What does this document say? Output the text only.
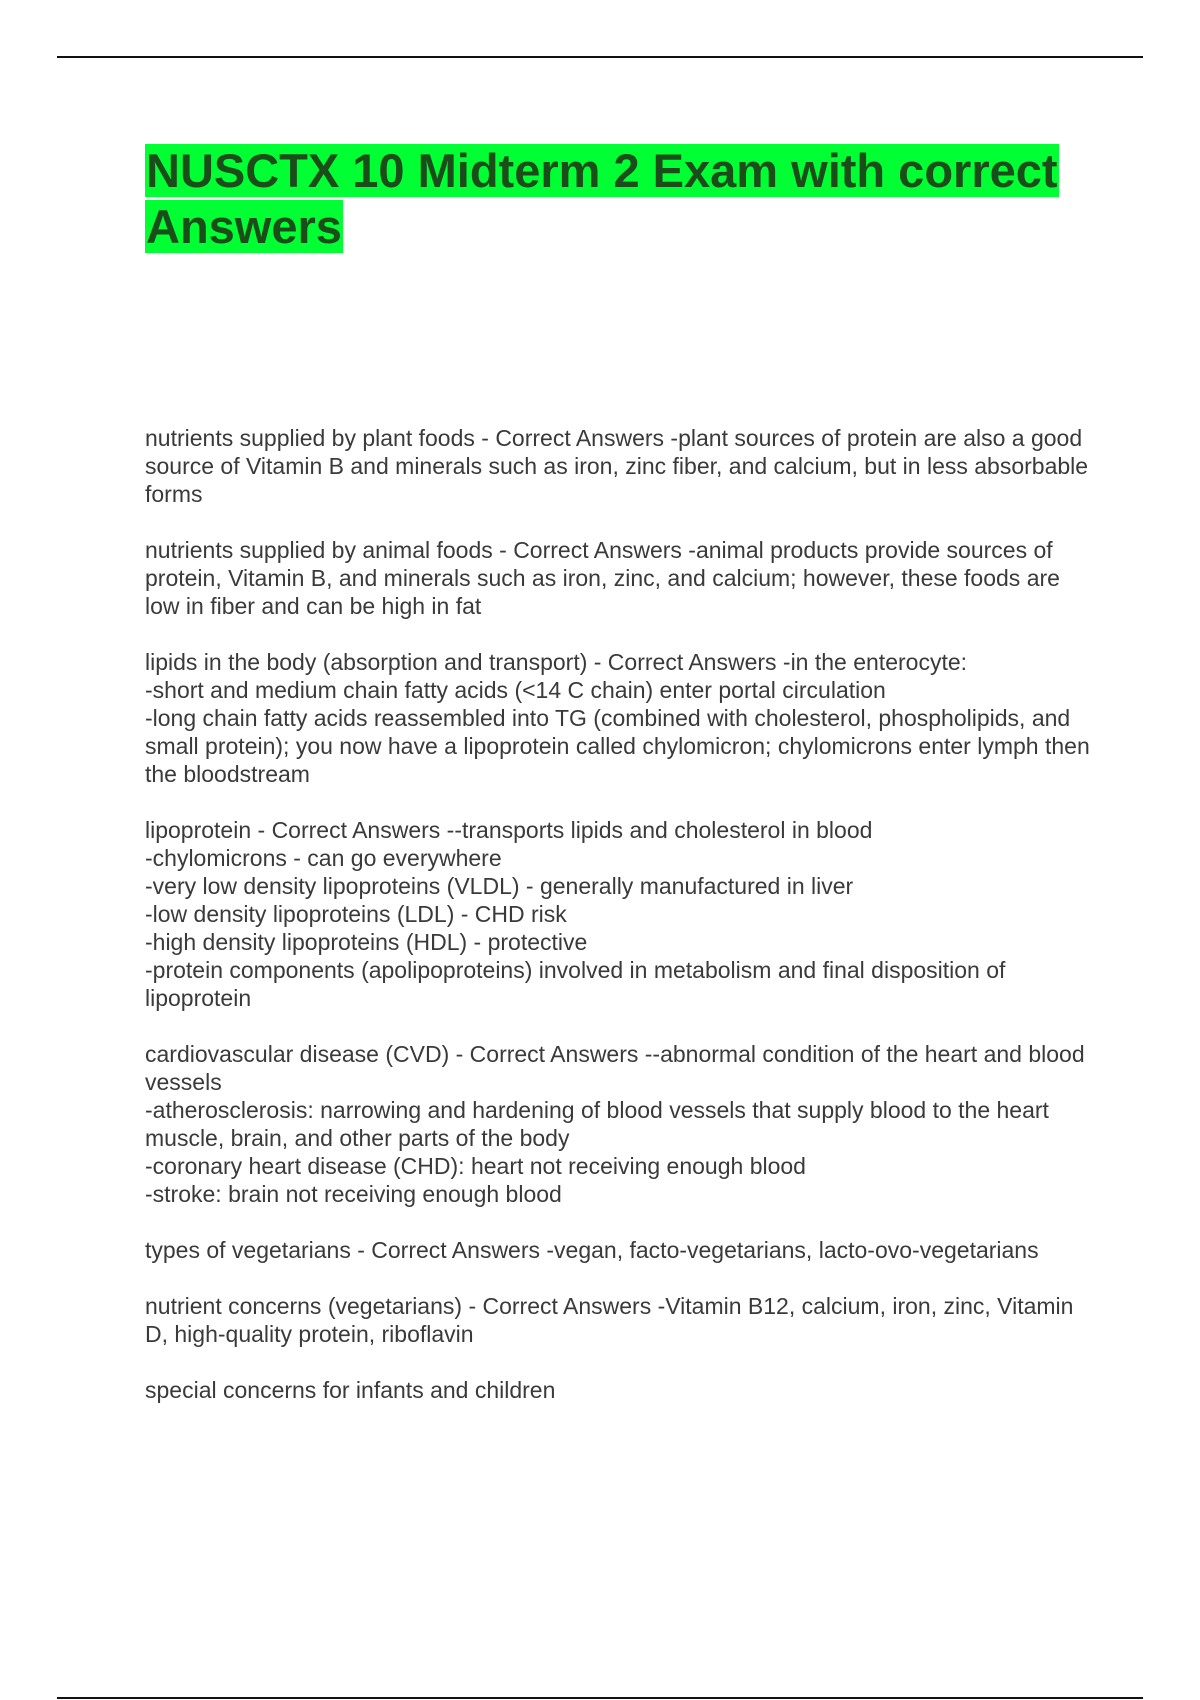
NUSCTX 10 Midterm 2 Exam with correct Answers
nutrients supplied by plant foods - Correct Answers -plant sources of protein are also a good source of Vitamin B and minerals such as iron, zinc fiber, and calcium, but in less absorbable forms
nutrients supplied by animal foods - Correct Answers -animal products provide sources of protein, Vitamin B, and minerals such as iron, zinc, and calcium; however, these foods are low in fiber and can be high in fat
lipids in the body (absorption and transport) - Correct Answers -in the enterocyte:
-short and medium chain fatty acids (<14 C chain) enter portal circulation
-long chain fatty acids reassembled into TG (combined with cholesterol, phospholipids, and small protein); you now have a lipoprotein called chylomicron; chylomicrons enter lymph then the bloodstream
lipoprotein - Correct Answers --transports lipids and cholesterol in blood
-chylomicrons - can go everywhere
-very low density lipoproteins (VLDL) - generally manufactured in liver
-low density lipoproteins (LDL) - CHD risk
-high density lipoproteins (HDL) - protective
-protein components (apolipoproteins) involved in metabolism and final disposition of lipoprotein
cardiovascular disease (CVD) - Correct Answers --abnormal condition of the heart and blood vessels
-atherosclerosis: narrowing and hardening of blood vessels that supply blood to the heart muscle, brain, and other parts of the body
-coronary heart disease (CHD): heart not receiving enough blood
-stroke: brain not receiving enough blood
types of vegetarians - Correct Answers -vegan, facto-vegetarians, lacto-ovo-vegetarians
nutrient concerns (vegetarians) - Correct Answers -Vitamin B12, calcium, iron, zinc, Vitamin D, high-quality protein, riboflavin
special concerns for infants and children
